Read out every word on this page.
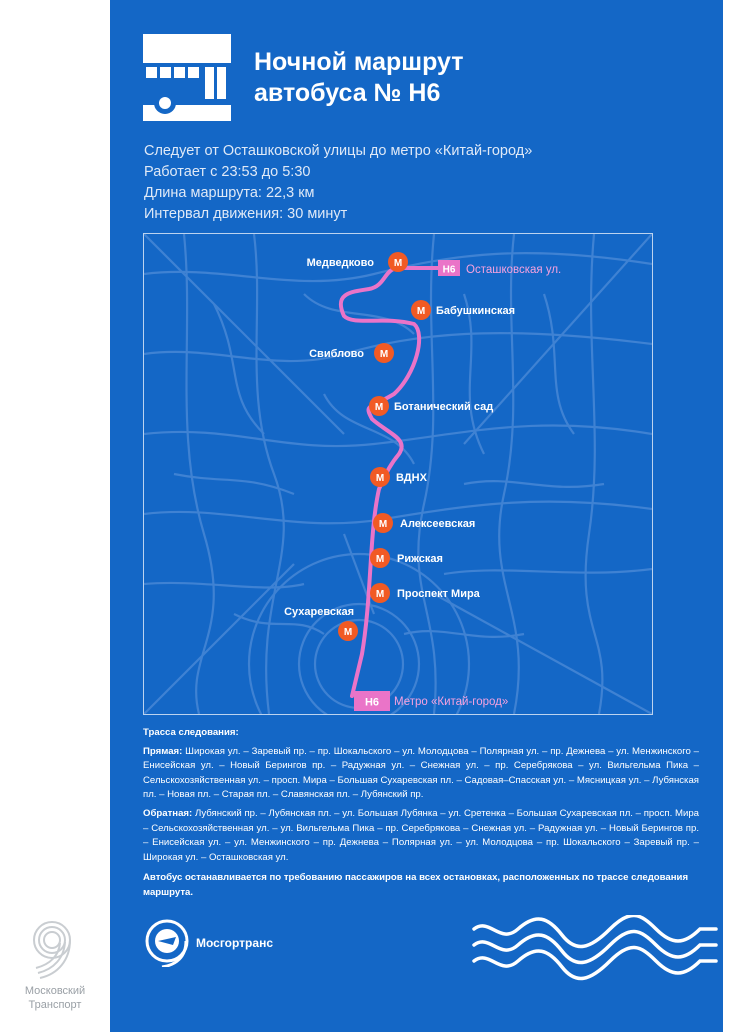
Московский
Транспорт
Ночной маршрут
автобуса № Н6
Следует от Осташковской улицы до метро «Китай-город»
Работает с 23:53 до 5:30
Длина маршрута: 22,3 км
Интервал движения: 30 минут
Н6 Осташковская ул.
Н6 Метро «Китай-город»
М
Медведково
М Бабушкинская
М
Свиблово
М Ботанический сад
М ВДНХ
М Алексеевская
М Рижская
М Проспект Мира
М
Сухаревская
Трасса следования:

Прямая: Широкая ул. – Заревый пр. – пр. Шокальского – ул. Молодцова – Полярная ул. – пр. Дежнева – ул. Менжинского – Енисейская ул. – Новый Берингов пр. – Радужная ул. – Снежная ул. – пр. Серебрякова – ул. Вильгельма Пика – Сельскохозяйственная ул. – просп. Мира – Большая Сухаревская пл. – Садовая–Спасская ул. – Мясницкая ул. – Лубянская пл. – Новая пл. – Старая пл. – Славянская пл. – Лубянский пр.

Обратная: Лубянский пр. – Лубянская пл. – ул. Большая Лубянка – ул. Сретенка – Большая Сухаревская пл. – просп. Мира – Сельскохозяйственная ул. – ул. Вильгельма Пика – пр. Серебрякова – Снежная ул. – Радужная ул. – Новый Берингов пр. – Енисейская ул. – ул. Менжинского – пр. Дежнева – Полярная ул. – ул. Молодцова – пр. Шокальского – Заревый пр. – Широкая ул. – Осташковская ул.

Автобус останавливается по требованию пассажиров на всех остановках, расположенных по трассе следования маршрута.
Мосгортранс
